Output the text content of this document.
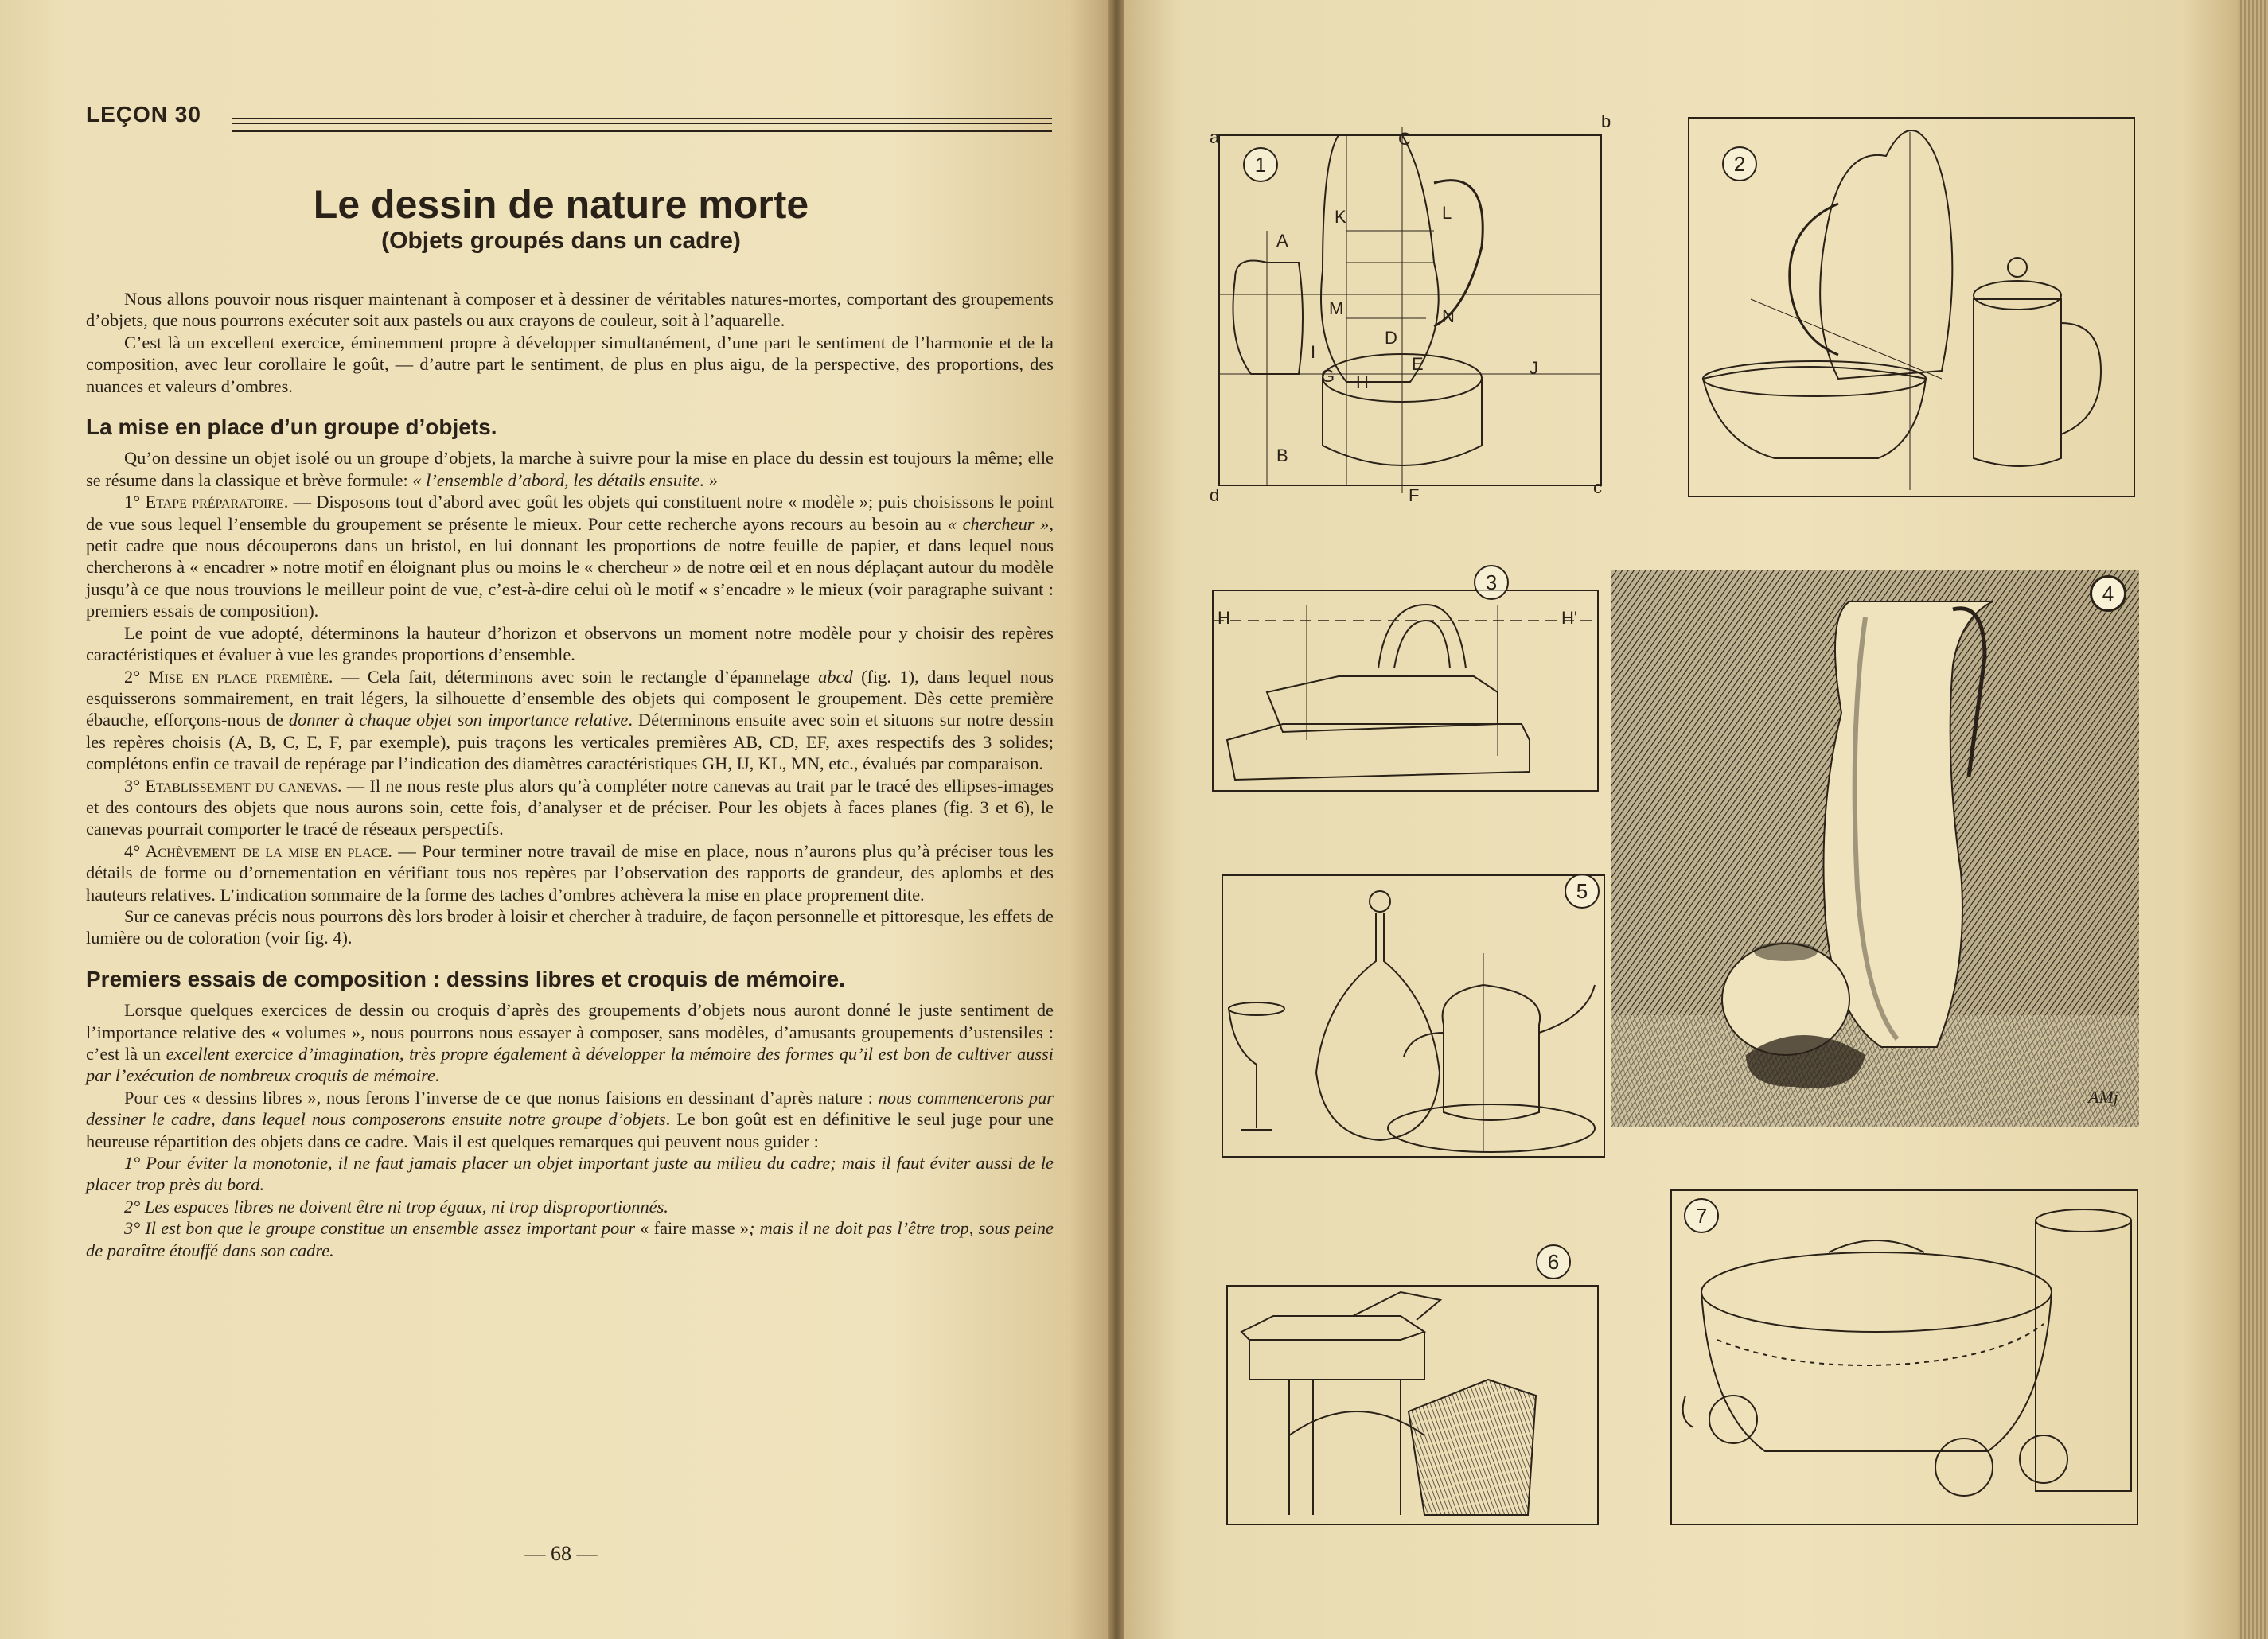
LEÇON 30
Le dessin de nature morte
(Objets groupés dans un cadre)

Nous allons pouvoir nous risquer maintenant à composer et à dessiner de véritables natures-mortes, comportant des groupements d’objets, que nous pourrons exécuter soit aux pastels ou aux crayons de couleur, soit à l’aquarelle.

C’est là un excellent exercice, éminemment propre à développer simultanément, d’une part le sentiment de l’harmonie et de la composition, avec leur corollaire le goût, — d’autre part le sentiment, de plus en plus aigu, de la perspective, des proportions, des nuances et valeurs d’ombres.

La mise en place d’un groupe d’objets.

Qu’on dessine un objet isolé ou un groupe d’objets, la marche à suivre pour la mise en place du dessin est toujours la même; elle se résume dans la classique et brève formule: « l’ensemble d’abord, les détails ensuite. »

1° Etape préparatoire. — Disposons tout d’abord avec goût les objets qui constituent notre « modèle »; puis choisissons le point de vue sous lequel l’ensemble du groupement se présente le mieux. Pour cette recherche ayons recours au besoin au « chercheur », petit cadre que nous découperons dans un bristol, en lui donnant les proportions de notre feuille de papier, et dans lequel nous chercherons à « encadrer » notre motif en éloignant plus ou moins le « chercheur » de notre œil et en nous déplaçant autour du modèle jusqu’à ce que nous trouvions le meilleur point de vue, c’est-à-dire celui où le motif « s’encadre » le mieux (voir paragraphe suivant : premiers essais de composition).

Le point de vue adopté, déterminons la hauteur d’horizon et observons un moment notre modèle pour y choisir des repères caractéristiques et évaluer à vue les grandes proportions d’ensemble.

2° Mise en place première. — Cela fait, déterminons avec soin le rectangle d’épannelage abcd (fig. 1), dans lequel nous esquisserons sommairement, en trait légers, la silhouette d’ensemble des objets qui composent le groupement. Dès cette première ébauche, efforçons-nous de donner à chaque objet son importance relative. Déterminons ensuite avec soin et situons sur notre dessin les repères choisis (A, B, C, E, F, par exemple), puis traçons les verticales premières AB, CD, EF, axes respectifs des 3 solides; complétons enfin ce travail de repérage par l’indication des diamètres caractéristiques GH, IJ, KL, MN, etc., évalués par comparaison.

3° Etablissement du canevas. — Il ne nous reste plus alors qu’à compléter notre canevas au trait par le tracé des ellipses-images et des contours des objets que nous aurons soin, cette fois, d’analyser et de préciser. Pour les objets à faces planes (fig. 3 et 6), le canevas pourrait comporter le tracé de réseaux perspectifs.

4° Achèvement de la mise en place. — Pour terminer notre travail de mise en place, nous n’aurons plus qu’à préciser tous les détails de forme ou d’ornementation en vérifiant tous nos repères par l’observation des rapports de grandeur, des aplombs et des hauteurs relatives. L’indication sommaire de la forme des taches d’ombres achèvera la mise en place proprement dite.

Sur ce canevas précis nous pourrons dès lors broder à loisir et chercher à traduire, de façon personnelle et pittoresque, les effets de lumière ou de coloration (voir fig. 4).

Premiers essais de composition : dessins libres et croquis de mémoire.

Lorsque quelques exercices de dessin ou croquis d’après des groupements d’objets nous auront donné le juste sentiment de l’importance relative des « volumes », nous pourrons nous essayer à composer, sans modèles, d’amusants groupements d’ustensiles : c’est là un excellent exercice d’imagination, très propre également à développer la mémoire des formes qu’il est bon de cultiver aussi par l’exécution de nombreux croquis de mémoire.

Pour ces « dessins libres », nous ferons l’inverse de ce que nonus faisions en dessinant d’après nature : nous commencerons par dessiner le cadre, dans lequel nous composerons ensuite notre groupe d’objets. Le bon goût est en définitive le seul juge pour une heureuse répartition des objets dans ce cadre. Mais il est quelques remarques qui peuvent nous guider :

1° Pour éviter la monotonie, il ne faut jamais placer un objet important juste au milieu du cadre; mais il faut éviter aussi de le placer trop près du bord.

2° Les espaces libres ne doivent être ni trop égaux, ni trop disproportionnés.

3° Il est bon que le groupe constitue un ensemble assez important pour « faire masse »; mais il ne doit pas l’être trop, sous peine de paraître étouffé dans son cadre.

— 68 —
1
a
b
c
d
A
B
C
D
E
F
G H
I
J
K	L
M	N
2
3
H	H'
4
AMj
5
6
7
